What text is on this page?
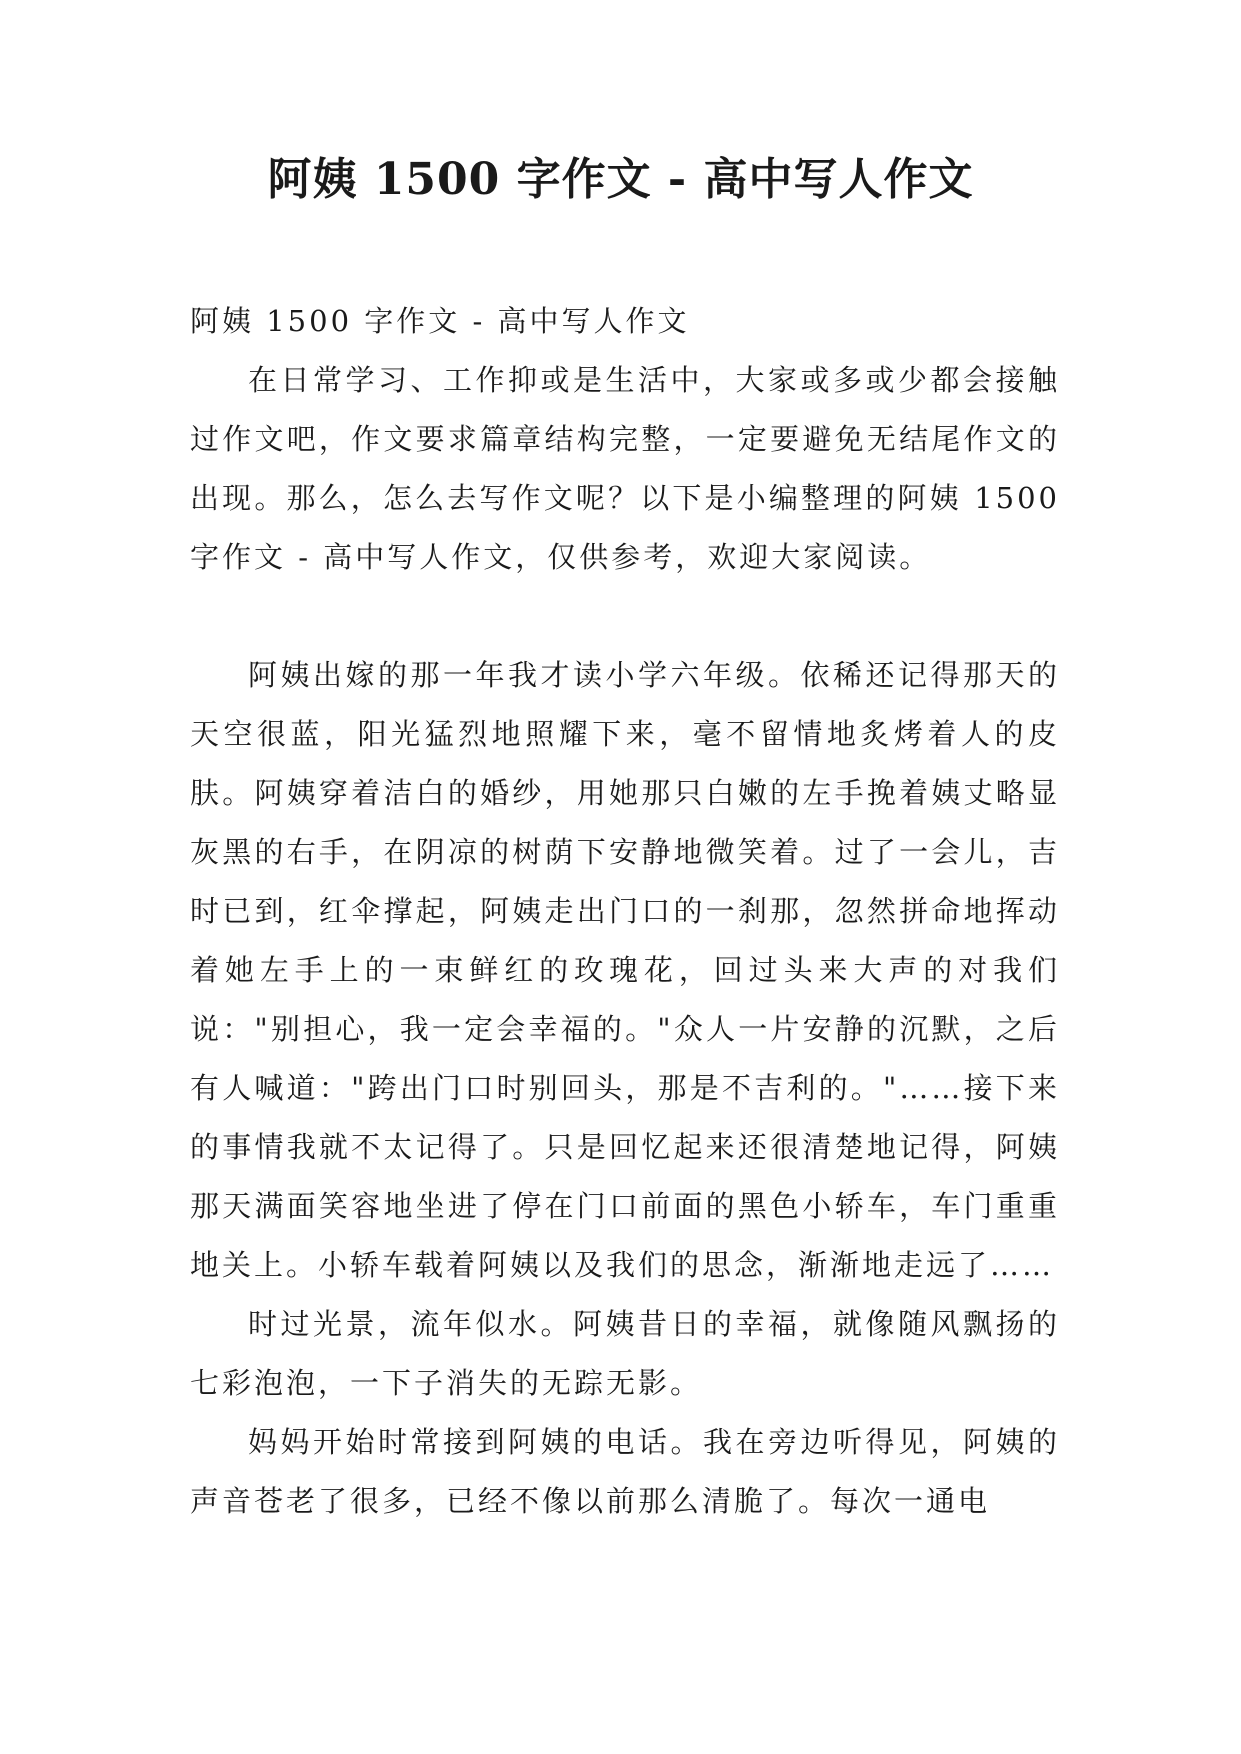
阿姨 1500 字作文 - 高中写人作文

阿姨 1500 字作文 - 高中写人作文

在日常学习、工作抑或是生活中，大家或多或少都会接触过作文吧，作文要求篇章结构完整，一定要避免无结尾作文的出现。那么，怎么去写作文呢？以下是小编整理的阿姨 1500 字作文 - 高中写人作文，仅供参考，欢迎大家阅读。

阿姨出嫁的那一年我才读小学六年级。依稀还记得那天的天空很蓝，阳光猛烈地照耀下来，毫不留情地炙烤着人的皮肤。阿姨穿着洁白的婚纱，用她那只白嫩的左手挽着姨丈略显灰黑的右手，在阴凉的树荫下安静地微笑着。过了一会儿，吉时已到，红伞撑起，阿姨走出门口的一刹那，忽然拼命地挥动着她左手上的一束鲜红的玫瑰花，回过头来大声的对我们说："别担心，我一定会幸福的。"众人一片安静的沉默，之后有人喊道："跨出门口时别回头，那是不吉利的。"……接下来的事情我就不太记得了。只是回忆起来还很清楚地记得，阿姨那天满面笑容地坐进了停在门口前面的黑色小轿车，车门重重地关上。小轿车载着阿姨以及我们的思念，渐渐地走远了……

时过光景，流年似水。阿姨昔日的幸福，就像随风飘扬的七彩泡泡，一下子消失的无踪无影。

妈妈开始时常接到阿姨的电话。我在旁边听得见，阿姨的声音苍老了很多，已经不像以前那么清脆了。每次一通电
